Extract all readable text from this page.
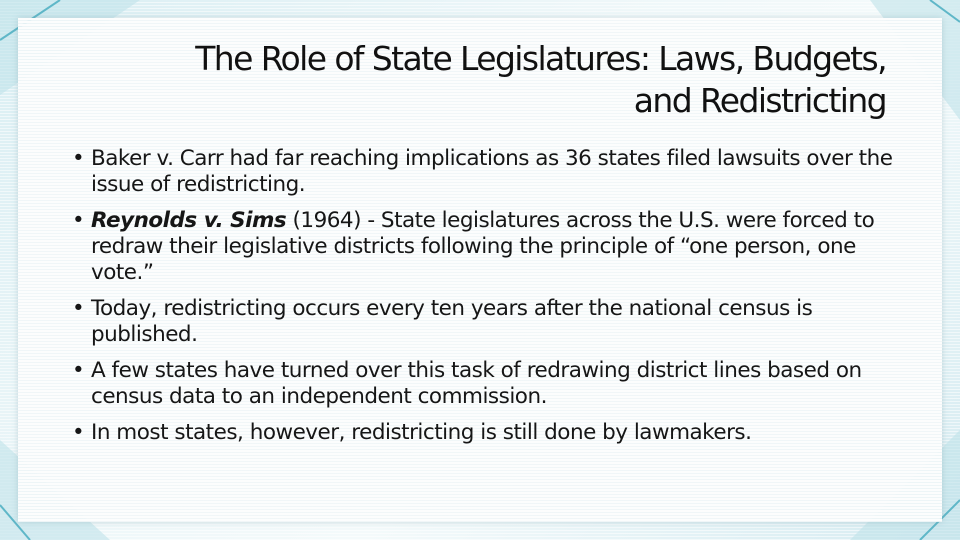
The Role of State Legislatures: Laws, Budgets,
and Redistricting
• Baker v. Carr had far reaching implications as 36 states filed lawsuits over the issue of redistricting.
• Reynolds v. Sims (1964) - State legislatures across the U.S. were forced to redraw their legislative districts following the principle of “one person, one vote.”
• Today, redistricting occurs every ten years after the national census is published.
• A few states have turned over this task of redrawing district lines based on census data to an independent commission.
• In most states, however, redistricting is still done by lawmakers.
